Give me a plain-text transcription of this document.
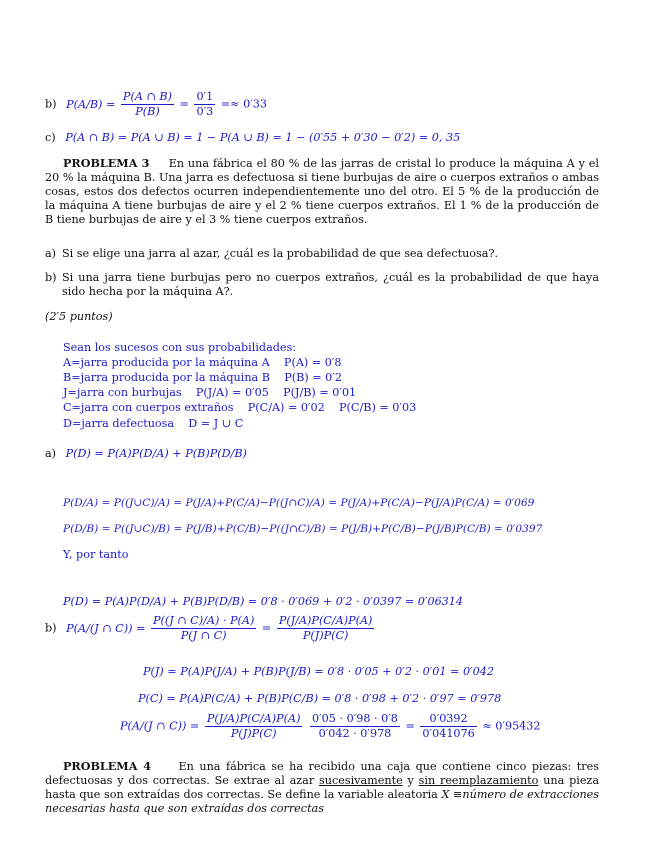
b) $P(A/B) = \frac{P(A \cap B)}{P(B)} = \frac{0'1}{0'3} =\approx 0'33$
c) P(A ∩ B) = P(A ∪ B) = 1 − P(A ∪ B) = 1 − (0′55 + 0′30 − 0′2) = 0, 35
PROBLEMA 3 En una fábrica el 80 % de las jarras de cristal lo produce la máquina A y el 20 % la máquina B. Una jarra es defectuosa si tiene burbujas de aire o cuerpos extraños o ambas cosas, estos dos defectos ocurren independientemente uno del otro. El 5 % de la producción de la máquina A tiene burbujas de aire y el 2 % tiene cuerpos extraños. El 1 % de la producción de B tiene burbujas de aire y el 3 % tiene cuerpos extraños.
a) Si se elige una jarra al azar, ¿cuál es la probabilidad de que sea defectuosa?.
b) Si una jarra tiene burbujas pero no cuerpos extraños, ¿cuál es la probabilidad de que haya sido hecha por la máquina A?.
(2′5 puntos)
Sean los sucesos con sus probabilidades:
A=jarra producida por la máquina A    P(A) = 0′8
B=jarra producida por la máquina B    P(B) = 0′2
J=jarra con burbujas    P(J/A) = 0′05    P(J/B) = 0′01
C=jarra con cuerpos extraños    P(C/A) = 0′02    P(C/B) = 0′03
D=jarra defectuosa    D = J ∪ C
a) P(D) = P(A)P(D/A) + P(B)P(D/B)
P(D/A) = P((J∪C)/A) = P(J/A)+P(C/A)−P((J∩C)/A) = P(J/A)+P(C/A)−P(J/A)P(C/A) = 0′069
P(D/B) = P((J∪C)/B) = P(J/B)+P(C/B)−P((J∩C)/B) = P(J/B)+P(C/B)−P(J/B)P(C/B) = 0′0397
Y, por tanto
P(D) = P(A)P(D/A) + P(B)P(D/B) = 0′8 · 0′069 + 0′2 · 0′0397 = 0′06314
b) P(A/(J ∩ $C)) = \frac{P((J \cap C)/A) \cdot P(A)}{P(J \cap C)} = \frac{P(J/A)P(C/A)P(A)}{P(J)P(C)}$
P(J) = P(A)P(J/A) + P(B)P(J/B) = 0′8 · 0′05 + 0′2 · 0′01 = 0′042
P(C) = P(A)P(C/A) + P(B)P(C/B) = 0′8 · 0′98 + 0′2 · 0′97 = 0′978
P(A/(J ∩ $C)) = \frac{P(J/A)P(C/A)P(A)}{P(J)P(C)}$
$\frac{0'05 \cdot 0'98 \cdot 0'8}{0'042 \cdot 0'978} = \frac{0'0392}{0'041076} \approx 0'95432$
PROBLEMA 4 En una fábrica se ha recibido una caja que contiene cinco piezas: tres defectuosas y dos correctas. Se extrae al azar sucesivamente y sin reemplazamiento una pieza hasta que son extraídas dos correctas. Se define la variable aleatoria X ≡número de extracciones necesarias hasta que son extraídas dos correctas
